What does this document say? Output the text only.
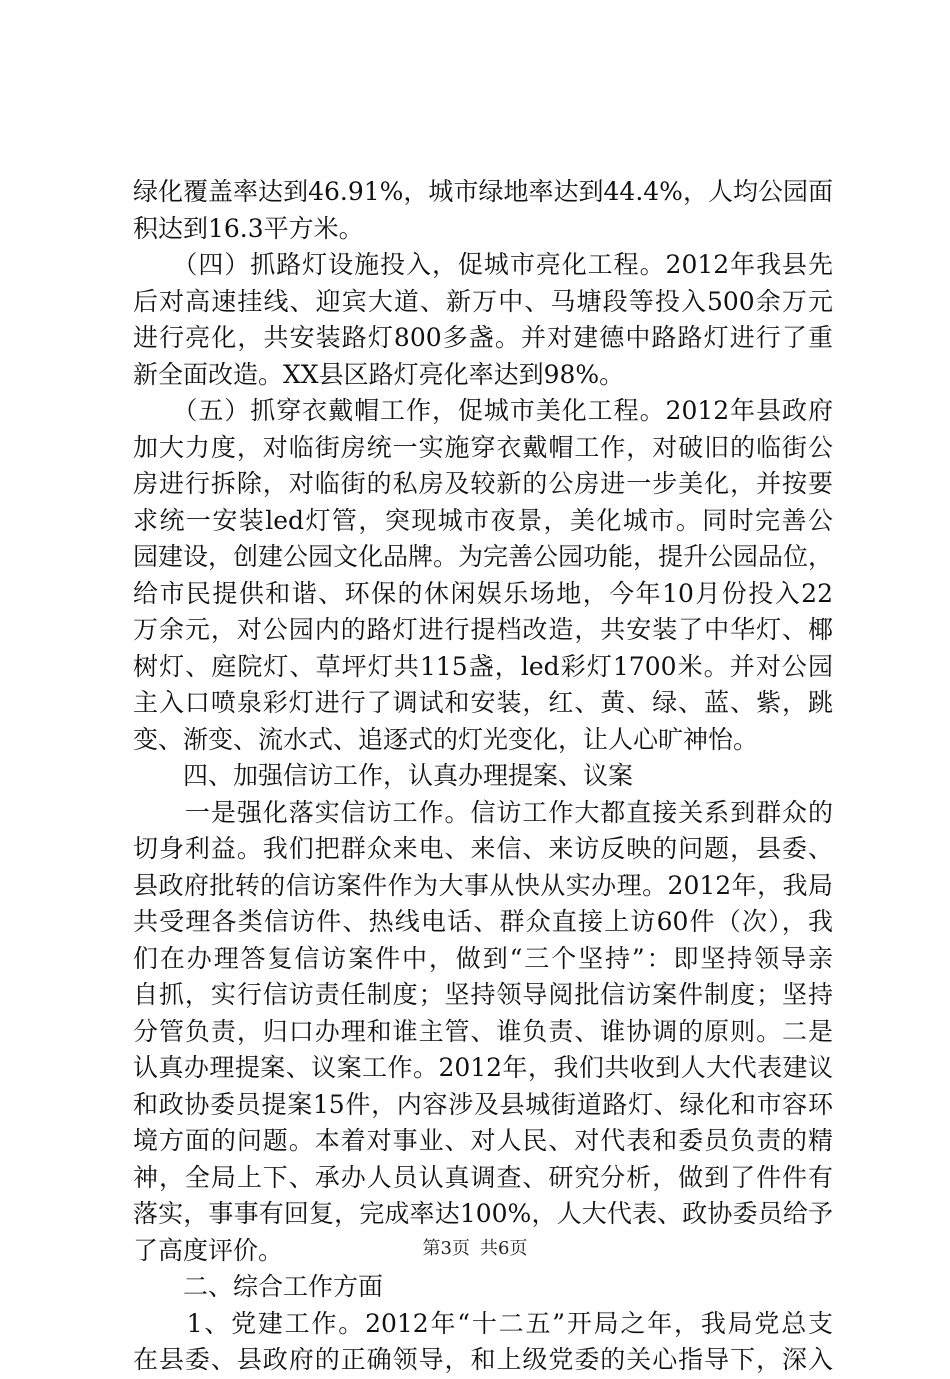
绿化覆盖率达到46.91%，城市绿地率达到44.4%，人均公园面
积达到16.3平方米。
　　（四）抓路灯设施投入，促城市亮化工程。2012年我县先
后对高速挂线、迎宾大道、新万中、马塘段等投入500余万元
进行亮化，共安装路灯800多盏。并对建德中路路灯进行了重
新全面改造。XX县区路灯亮化率达到98%。
　　（五）抓穿衣戴帽工作，促城市美化工程。2012年县政府
加大力度，对临街房统一实施穿衣戴帽工作，对破旧的临街公
房进行拆除，对临街的私房及较新的公房进一步美化，并按要
求统一安装led灯管，突现城市夜景，美化城市。同时完善公
园建设，创建公园文化品牌。为完善公园功能，提升公园品位，
给市民提供和谐、环保的休闲娱乐场地，今年10月份投入22
万余元，对公园内的路灯进行提档改造，共安装了中华灯、椰
树灯、庭院灯、草坪灯共115盏，led彩灯1700米。并对公园
主入口喷泉彩灯进行了调试和安装，红、黄、绿、蓝、紫，跳
变、渐变、流水式、追逐式的灯光变化，让人心旷神怡。
　　四、加强信访工作，认真办理提案、议案
　　一是强化落实信访工作。信访工作大都直接关系到群众的
切身利益。我们把群众来电、来信、来访反映的问题，县委、
县政府批转的信访案件作为大事从快从实办理。2012年，我局
共受理各类信访件、热线电话、群众直接上访60件（次），我
们在办理答复信访案件中，做到“三个坚持”：即坚持领导亲
自抓，实行信访责任制度；坚持领导阅批信访案件制度；坚持
分管负责，归口办理和谁主管、谁负责、谁协调的原则。二是
认真办理提案、议案工作。2012年，我们共收到人大代表建议
和政协委员提案15件，内容涉及县城街道路灯、绿化和市容环
境方面的问题。本着对事业、对人民、对代表和委员负责的精
神，全局上下、承办人员认真调查、研究分析，做到了件件有
落实，事事有回复，完成率达100%，人大代表、政协委员给予
了高度评价。
　　二、综合工作方面
　　1、党建工作。2012年“十二五”开局之年，我局党总支
在县委、县政府的正确领导，和上级党委的关心指导下，深入
第3页 共6页
